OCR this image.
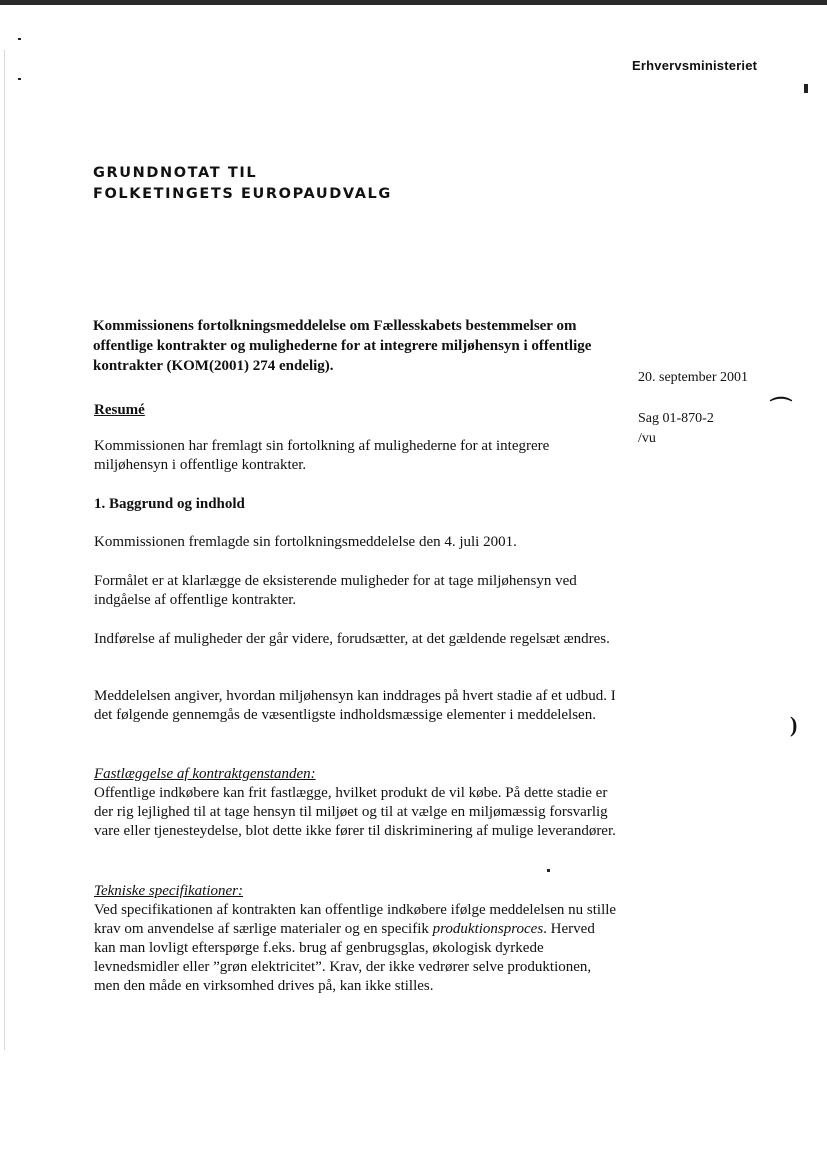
Erhvervsministeriet
GRUNDNOTAT TIL
FOLKETINGETS EUROPAUDVALG
Kommissionens fortolkningsmeddelelse om Fællesskabets bestemmelser om offentlige kontrakter og mulighederne for at integrere miljøhensyn i offentlige kontrakter (KOM(2001) 274 endelig).
20. september 2001
Sag 01-870-2
/vu
⌒
)
Resumé
Kommissionen har fremlagt sin fortolkning af mulighederne for at integrere miljøhensyn i offentlige kontrakter.
1. Baggrund og indhold
Kommissionen fremlagde sin fortolkningsmeddelelse den 4. juli 2001.
Formålet er at klarlægge de eksisterende muligheder for at tage miljøhensyn ved indgåelse af offentlige kontrakter.
Indførelse af muligheder der går videre, forudsætter, at det gældende regelsæt ændres.
Meddelelsen angiver, hvordan miljøhensyn kan inddrages på hvert stadie af et udbud. I det følgende gennemgås de væsentligste indholdsmæssige elementer i meddelelsen.
Fastlæggelse af kontraktgenstanden:
Offentlige indkøbere kan frit fastlægge, hvilket produkt de vil købe. På dette stadie er der rig lejlighed til at tage hensyn til miljøet og til at vælge en miljømæssig forsvarlig vare eller tjenesteydelse, blot dette ikke fører til diskriminering af mulige leverandører.
Tekniske specifikationer:
Ved specifikationen af kontrakten kan offentlige indkøbere ifølge meddelelsen nu stille krav om anvendelse af særlige materialer og en specifik produktionsproces. Herved kan man lovligt efterspørge f.eks. brug af genbrugsglas, økologisk dyrkede levnedsmidler eller ”grøn elektricitet”. Krav, der ikke vedrører selve produktionen, men den måde en virksomhed drives på, kan ikke stilles.
